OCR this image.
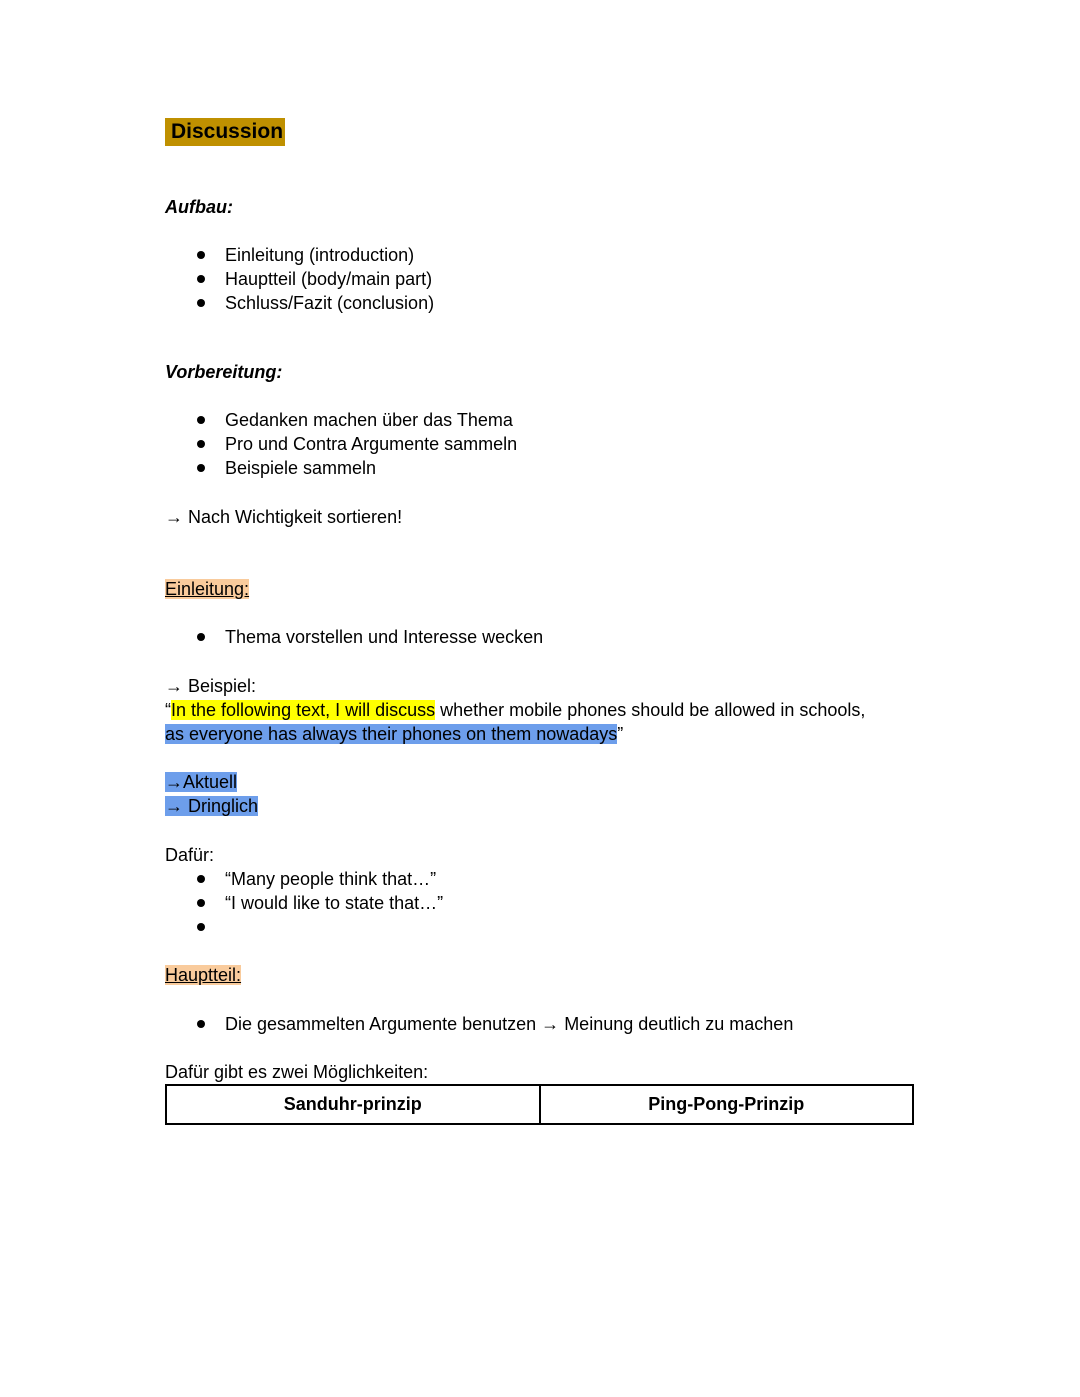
Discussion
Aufbau:
Einleitung (introduction)
Hauptteil (body/main part)
Schluss/Fazit (conclusion)
Vorbereitung:
Gedanken machen über das Thema
Pro und Contra Argumente sammeln
Beispiele sammeln
→ Nach Wichtigkeit sortieren!
Einleitung:
Thema vorstellen und Interesse wecken
→ Beispiel:
“In the following text, I will discuss whether mobile phones should be allowed in schools,
as everyone has always their phones on them nowadays”
→Aktuell
→ Dringlich
Dafür:
“Many people think that…”
“I would like to state that…”
Hauptteil:
Die gesammelten Argumente benutzen → Meinung deutlich zu machen
Dafür gibt es zwei Möglichkeiten:
Sanduhr-prinzip	Ping-Pong-Prinzip
